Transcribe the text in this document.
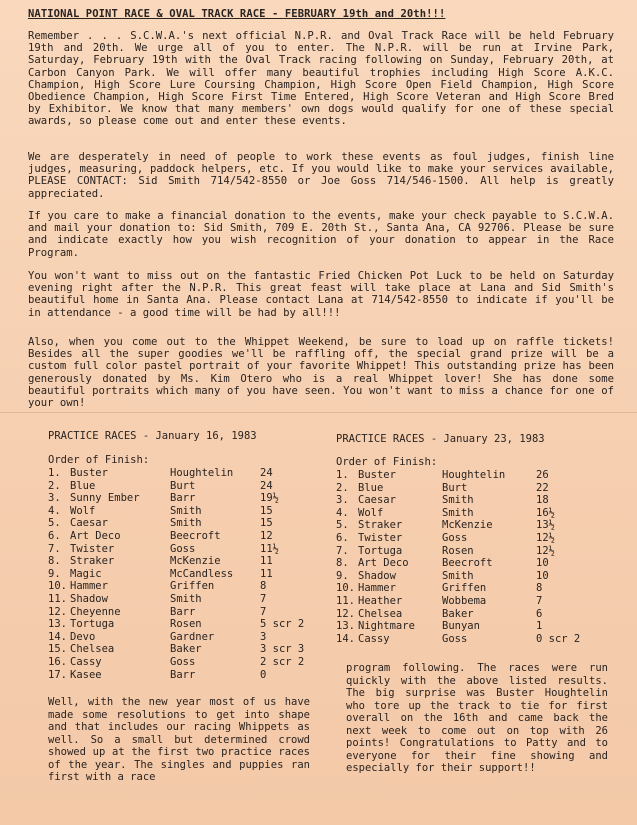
NATIONAL POINT RACE & OVAL TRACK RACE - FEBRUARY 19th and 20th!!!

Remember . . . S.C.W.A.'s next official N.P.R. and Oval Track Race will be held February 19th and 20th. We urge all of you to enter. The N.P.R. will be run at Irvine Park, Saturday, February 19th with the Oval Track racing following on Sunday, February 20th, at Carbon Canyon Park. We will offer many beautiful trophies including High Score A.K.C. Champion, High Score Lure Coursing Champion, High Score Open Field Champion, High Score Obedience Champion, High Score First Time Entered, High Score Veteran and High Score Bred by Exhibitor. We know that many members' own dogs would qualify for one of these special awards, so please come out and enter these events.

We are desperately in need of people to work these events as foul judges, finish line judges, measuring, paddock helpers, etc. If you would like to make your services available, PLEASE CONTACT: Sid Smith 714/542-8550 or Joe Goss 714/546-1500. All help is greatly appreciated.

If you care to make a financial donation to the events, make your check payable to S.C.W.A. and mail your donation to: Sid Smith, 709 E. 20th St., Santa Ana, CA 92706. Please be sure and indicate exactly how you wish recognition of your donation to appear in the Race Program.

You won't want to miss out on the fantastic Fried Chicken Pot Luck to be held on Saturday evening right after the N.P.R. This great feast will take place at Lana and Sid Smith's beautiful home in Santa Ana. Please contact Lana at 714/542-8550 to indicate if you'll be in attendance - a good time will be had by all!!!

Also, when you come out to the Whippet Weekend, be sure to load up on raffle tickets! Besides all the super goodies we'll be raffling off, the special grand prize will be a custom full color pastel portrait of your favorite Whippet! This outstanding prize has been generously donated by Ms. Kim Otero who is a real Whippet lover! She has done some beautiful portraits which many of you have seen. You won't want to miss a chance for one of your own!

PRACTICE RACES - January 16, 1983
Order of Finish:
1.	Buster	Houghtelin	24
2.	Blue	Burt	24
3.	Sunny Ember	Barr	19½
4.	Wolf	Smith	15
5.	Caesar	Smith	15
6.	Art Deco	Beecroft	12
7.	Twister	Goss	11½
8.	Straker	McKenzie	11
9.	Magic	McCandless	11
10.	Hammer	Griffen	8
11.	Shadow	Smith	7
12.	Cheyenne	Barr	7
13.	Tortuga	Rosen	5 scr 2
14.	Devo	Gardner	3
15.	Chelsea	Baker	3 scr 3
16.	Cassy	Goss	2 scr 2
17.	Kasee	Barr	0
PRACTICE RACES - January 23, 1983
Order of Finish:
1.	Buster	Houghtelin	26
2.	Blue	Burt	22
3.	Caesar	Smith	18
4.	Wolf	Smith	16½
5.	Straker	McKenzie	13½
6.	Twister	Goss	12½
7.	Tortuga	Rosen	12½
8.	Art Deco	Beecroft	10
9.	Shadow	Smith	10
10.	Hammer	Griffen	8
11.	Heather	Wobbema	7
12.	Chelsea	Baker	6
13.	Nightmare	Bunyan	1
14.	Cassy	Goss	0 scr 2

Well, with the new year most of us have made some resolutions to get into shape and that includes our racing Whippets as well. So a small but determined crowd showed up at the first two practice races of the year. The singles and puppies ran first with a race

program following. The races were run quickly with the above listed results. The big surprise was Buster Houghtelin who tore up the track to tie for first overall on the 16th and came back the next week to come out on top with 26 points! Congratulations to Patty and to everyone for their fine showing and especially for their support!!
